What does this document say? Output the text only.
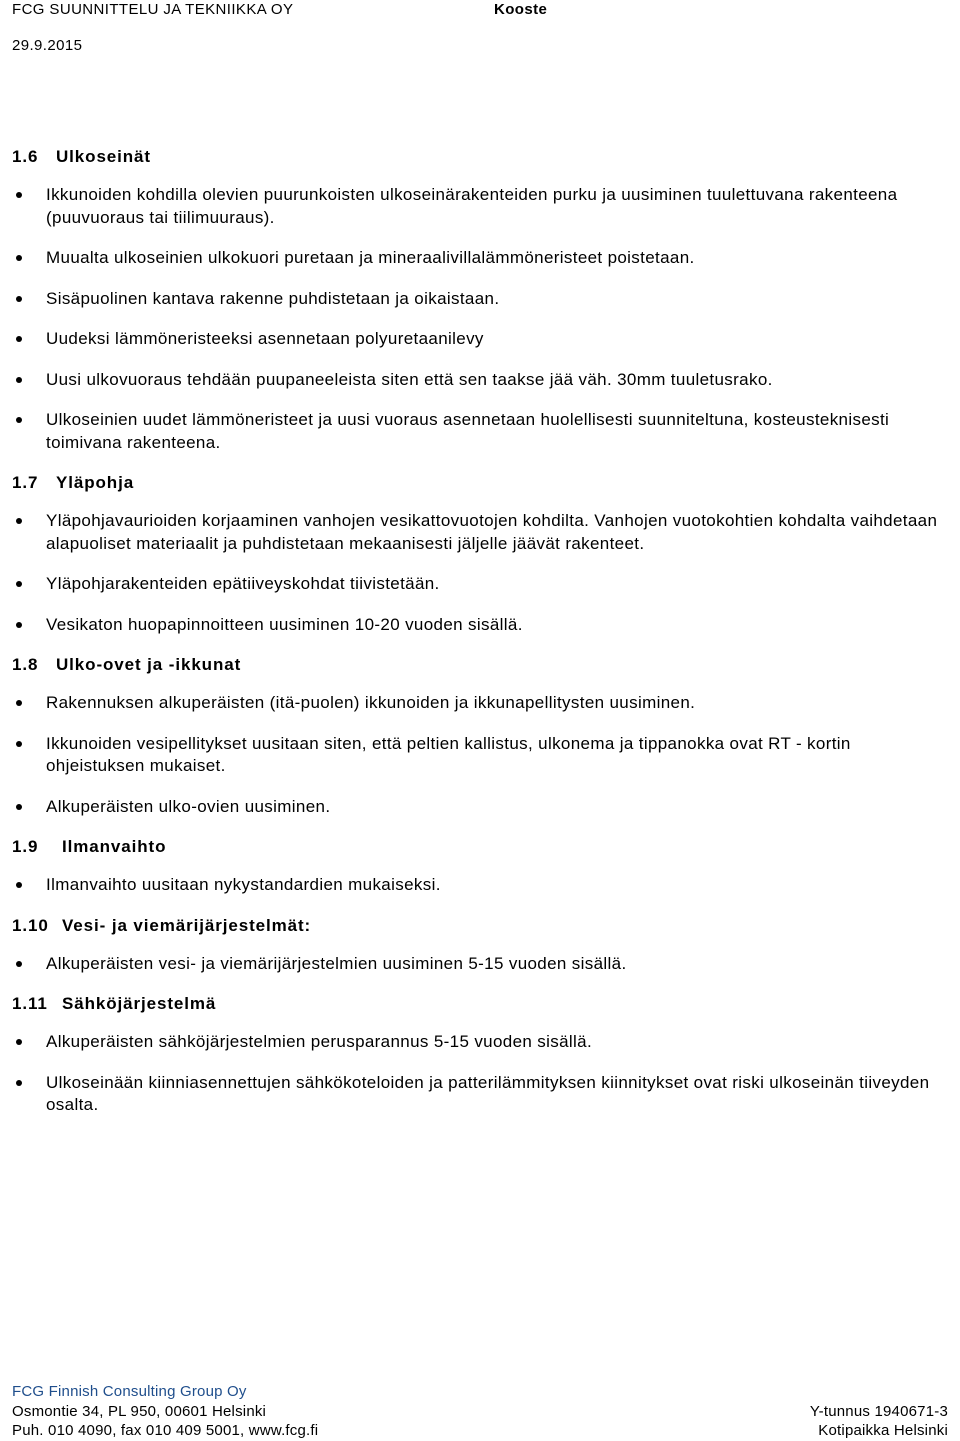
FCG SUUNNITTELU JA TEKNIIKKA OY	Kooste
29.9.2015
1.6	Ulkoseinät
Ikkunoiden kohdilla olevien puurunkoisten ulkoseinärakenteiden purku ja uusiminen tuulettuvana rakenteena (puuvuoraus tai tiilimuuraus).
Muualta ulkoseinien ulkokuori puretaan ja mineraalivillalämmöneristeet poistetaan.
Sisäpuolinen kantava rakenne puhdistetaan ja oikaistaan.
Uudeksi lämmöneristeeksi asennetaan polyuretaanilevy
Uusi ulkovuoraus tehdään puupaneeleista siten että sen taakse jää väh. 30mm tuuletusrako.
Ulkoseinien uudet lämmöneristeet ja uusi vuoraus asennetaan huolellisesti suunniteltuna, kosteusteknisesti toimivana rakenteena.
1.7	Yläpohja
Yläpohjavaurioiden korjaaminen vanhojen vesikattovuotojen kohdilta. Vanhojen vuotokohtien kohdalta vaihdetaan alapuoliset materiaalit ja puhdistetaan mekaanisesti jäljelle jäävät rakenteet.
Yläpohjarakenteiden epätiiveyskohdat tiivistetään.
Vesikaton huopapinnoitteen uusiminen 10-20 vuoden sisällä.
1.8	Ulko-ovet ja -ikkunat
Rakennuksen alkuperäisten (itä-puolen) ikkunoiden ja ikkunapellitysten uusiminen.
Ikkunoiden vesipellitykset uusitaan siten, että peltien kallistus, ulkonema ja tippanokka ovat RT - kortin ohjeistuksen mukaiset.
Alkuperäisten ulko-ovien uusiminen.
1.9	Ilmanvaihto
Ilmanvaihto uusitaan nykystandardien mukaiseksi.
1.10 Vesi- ja viemärijärjestelmät:
Alkuperäisten vesi- ja viemärijärjestelmien uusiminen 5-15 vuoden sisällä.
1.11 Sähköjärjestelmä
Alkuperäisten sähköjärjestelmien perusparannus 5-15 vuoden sisällä.
Ulkoseinään kiinniasennettujen sähkökoteloiden ja patterilämmityksen kiinnitykset ovat riski ulkoseinän tiiveyden osalta.
FCG Finnish Consulting Group Oy
Osmontie 34, PL 950, 00601 Helsinki	Y-tunnus 1940671-3
Puh. 010 4090, fax 010 409 5001, www.fcg.fi	Kotipaikka Helsinki
